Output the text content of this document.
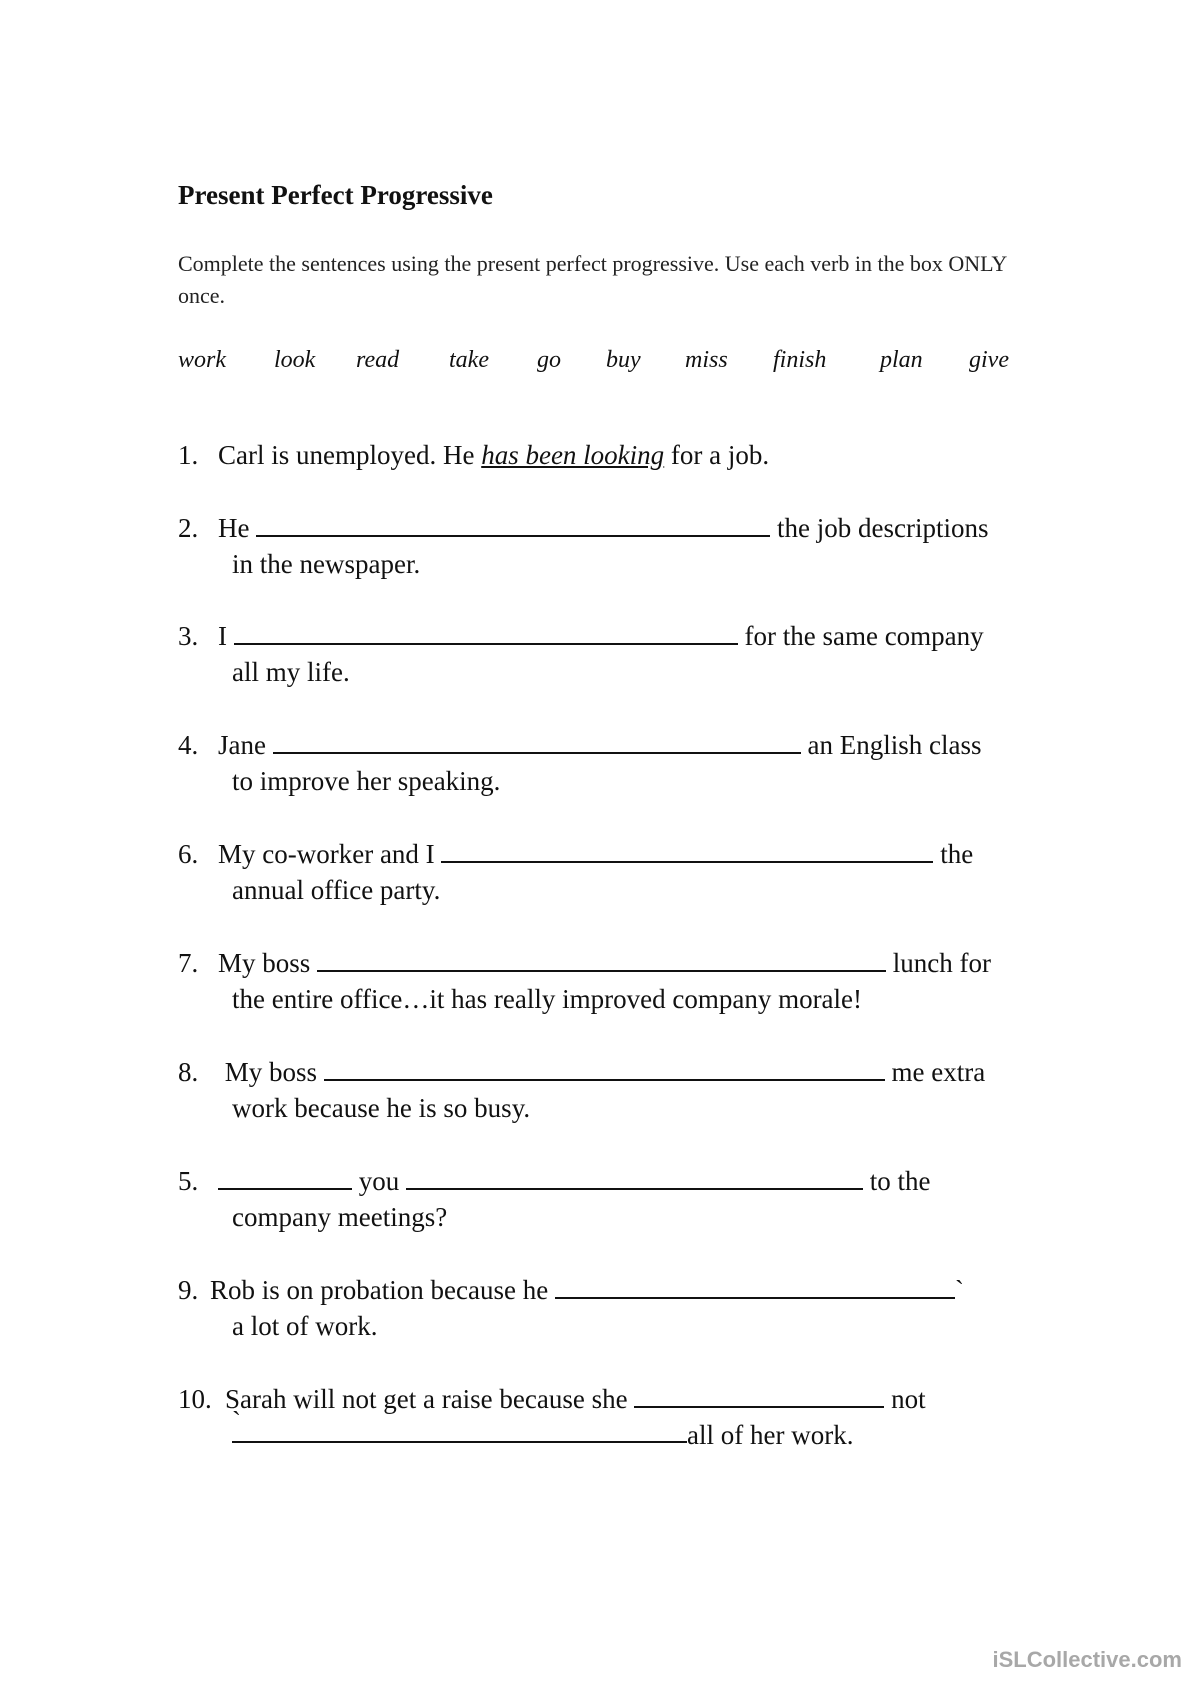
Present Perfect Progressive
Complete the sentences using the present perfect progressive. Use each verb in the box ONLY once.
work look read take go buy miss finish plan give
1. Carl is unemployed. He has been looking for a job.
2. He	the job descriptions
in the newspaper.
3. I	for the same company
all my life.
4. Jane	an English class
to improve her speaking.
6. My co-worker and I	the
annual office party.
7. My boss	lunch for
the entire office…it has really improved company morale!
8. My boss	me extra
work because he is so busy.
5.	you	to the
company meetings?
9. Rob is on probation because he	`
a lot of work.
10. Sarah will not get a raise because she	not
`	all of her work.
iSLCollective.com
